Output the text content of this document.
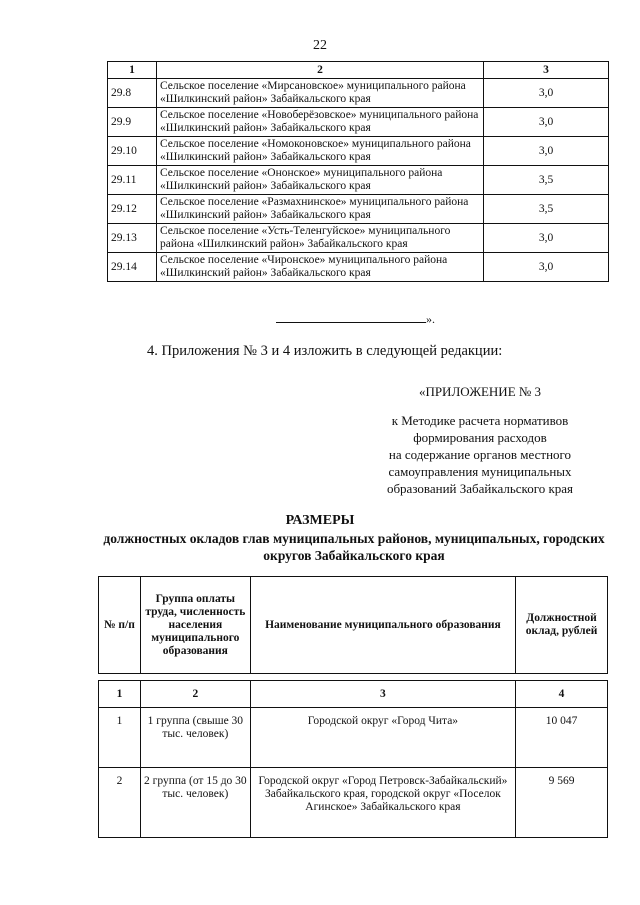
22
1	2	3
29.8	Сельское поселение «Мирсановское» муниципального района «Шилкинский район» Забайкальского края	3,0
29.9	Сельское поселение «Новоберёзовское» муниципального района «Шилкинский район» Забайкальского края	3,0
29.10	Сельское поселение «Номоконовское» муниципального района «Шилкинский район» Забайкальского края	3,0
29.11	Сельское поселение «Ононское» муниципального района «Шилкинский район» Забайкальского края	3,5
29.12	Сельское поселение «Размахнинское» муниципального района «Шилкинский район» Забайкальского края	3,5
29.13	Сельское поселение «Усть-Теленгуйское» муниципального района «Шилкинский район» Забайкальского края	3,0
29.14	Сельское поселение «Чиронское» муниципального района «Шилкинский район» Забайкальского края	3,0
».
4. Приложения № 3 и 4 изложить в следующей редакции:
«ПРИЛОЖЕНИЕ № 3
к Методике расчета нормативов
формирования расходов
на содержание органов местного
самоуправления муниципальных
образований Забайкальского края
РАЗМЕРЫ
должностных окладов глав муниципальных районов, муниципальных, городских округов Забайкальского края
№ п/п	Группа оплаты труда, численность населения муниципального образования	Наименование муниципального образования	Должностной оклад, рублей

1	2	3	4
1	1 группа (свыше 30 тыс. человек)	Городской округ «Город Чита»	10 047
2	2 группа (от 15 до 30 тыс. человек)	Городской округ «Город Петровск-Забайкальский» Забайкальского края, городской округ «Поселок Агинское» Забайкальского края	9 569
